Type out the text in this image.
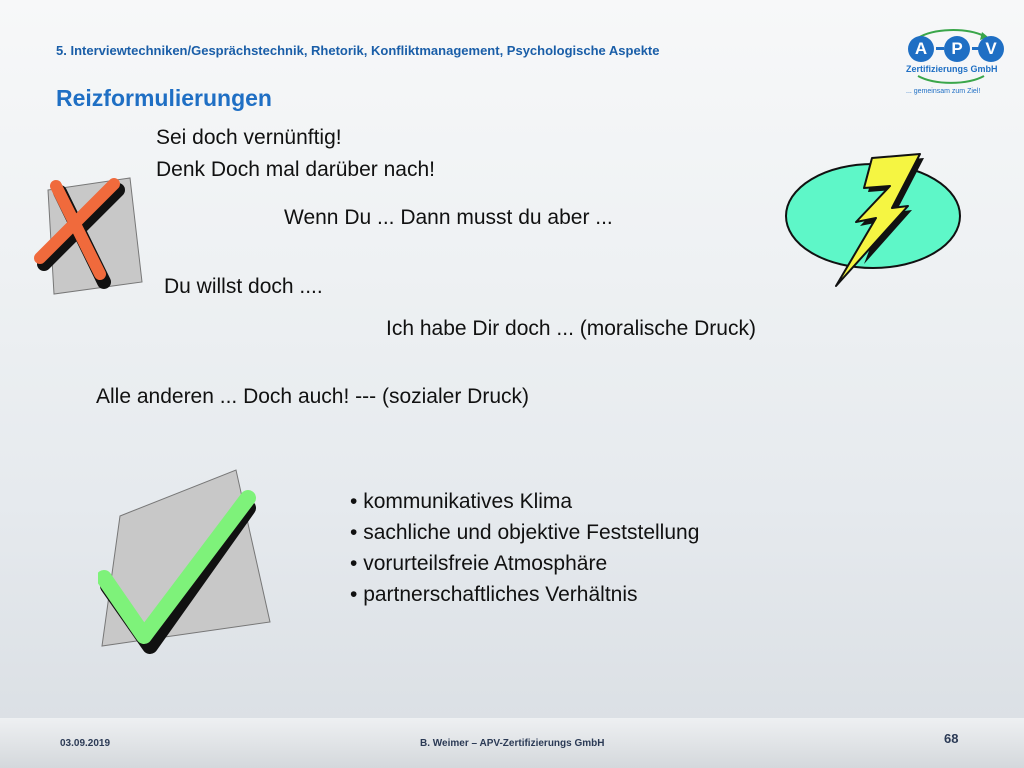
5. Interviewtechniken/Gesprächstechnik, Rhetorik, Konfliktmanagement, Psychologische Aspekte
Reizformulierungen
A	P	V
Zertifizierungs GmbH
... gemeinsam zum Ziel!
Sei doch vernünftig!
Denk Doch mal darüber nach!
Wenn Du ... Dann musst du aber ...
Du willst doch ....
Ich habe Dir doch ... (moralische Druck)
Alle anderen ... Doch auch! --- (sozialer Druck)
• kommunikatives Klima
• sachliche und objektive Feststellung
• vorurteilsfreie Atmosphäre
• partnerschaftliches Verhältnis
03.09.2019	B. Weimer – APV-Zertifizierungs GmbH	68
